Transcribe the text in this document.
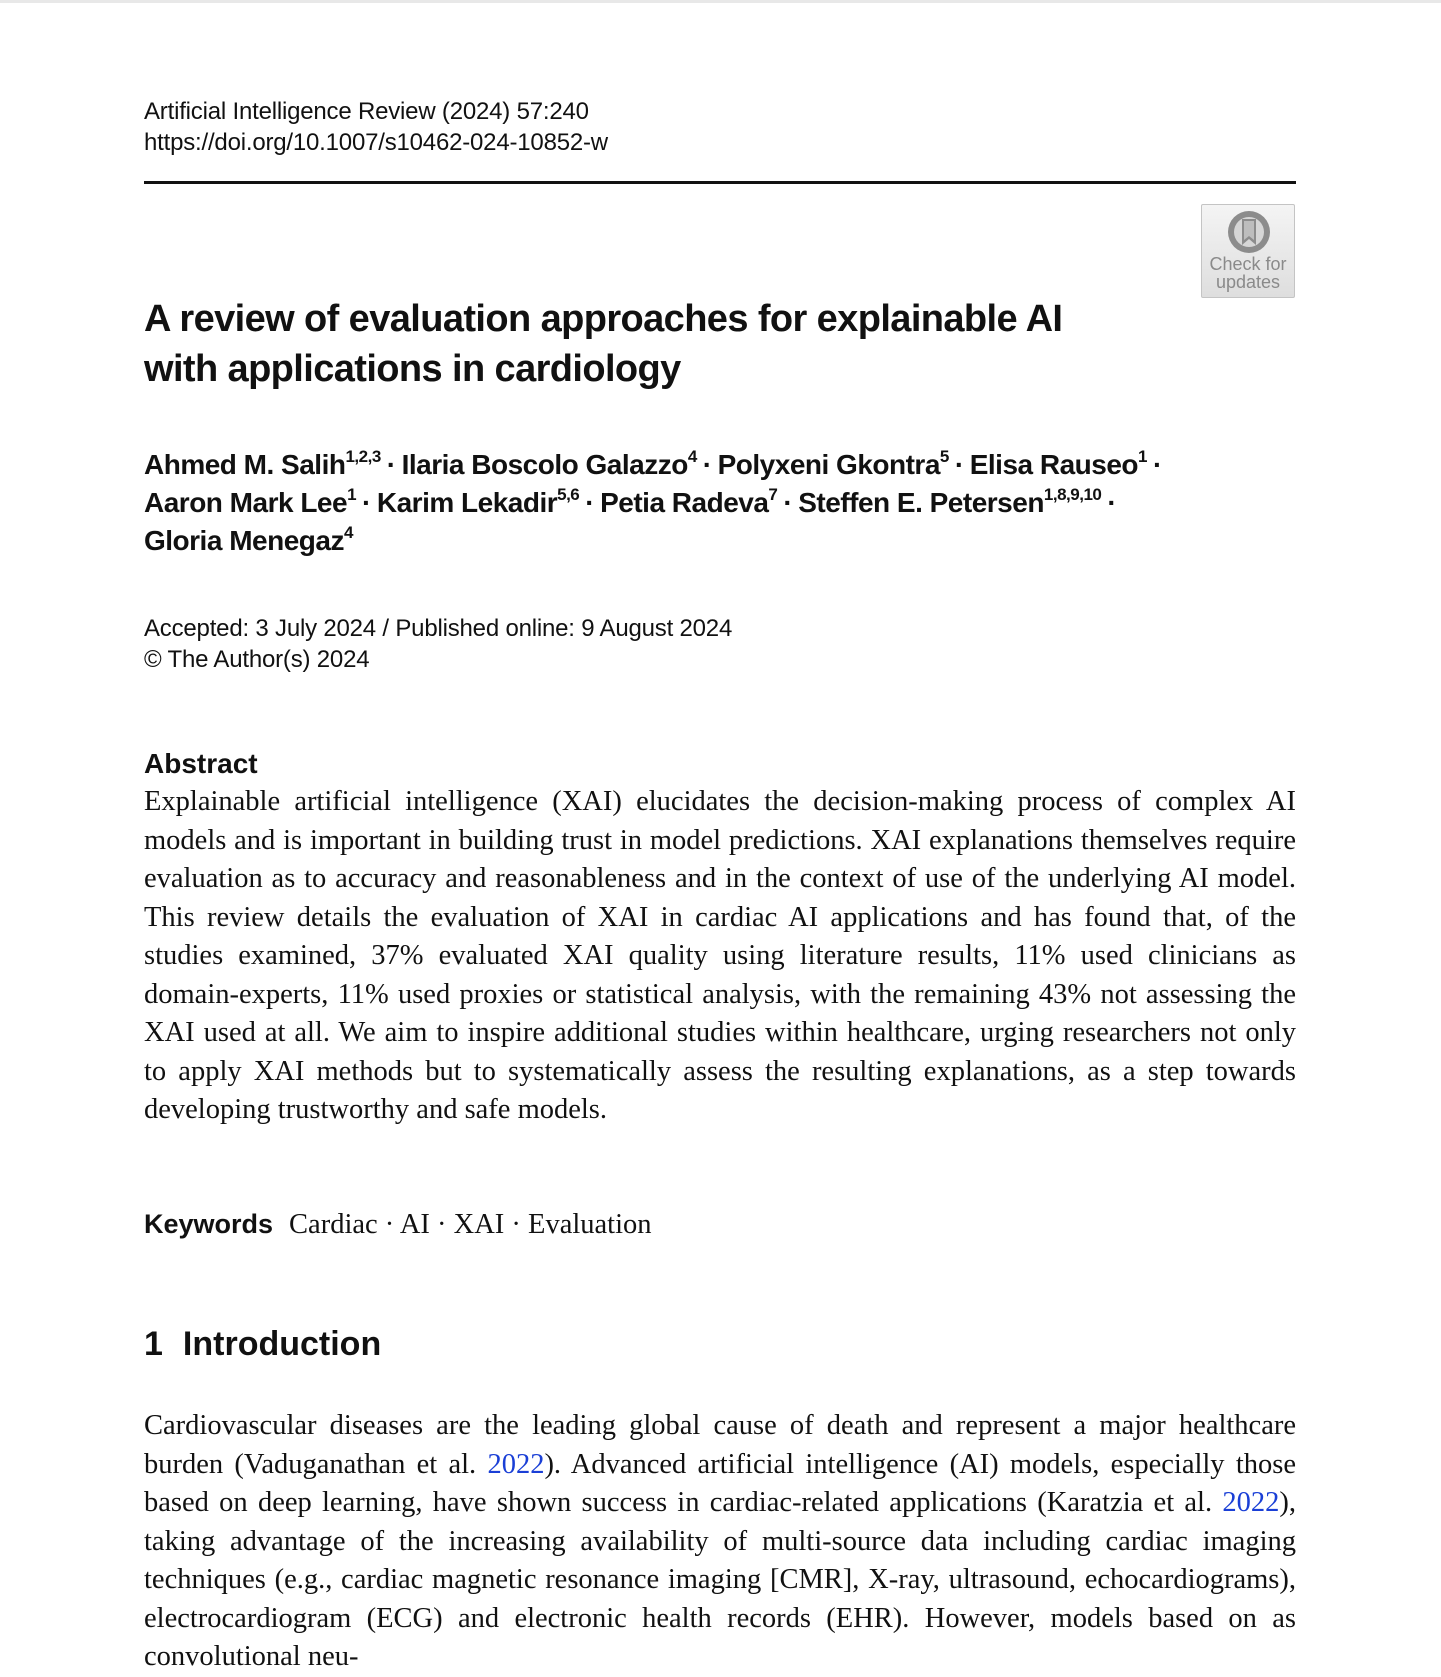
Artificial Intelligence Review (2024) 57:240
https://doi.org/10.1007/s10462-024-10852-w
Check for
updates
A review of evaluation approaches for explainable AI
with applications in cardiology
Ahmed M. Salih$^{1,2,3}$ · Ilaria Boscolo Galazzo$^4$ · Polyxeni Gkontra$^5$ · Elisa Rauseo$^1$ ·
Aaron Mark Lee$^1$ · Karim Lekadir$^{5,6}$ · Petia Radeva$^7$ · Steffen E. Petersen$^{1,8,9,10}$ ·
Gloria Menegaz$^4$
Accepted: 3 July 2024 / Published online: 9 August 2024
© The Author(s) 2024
Abstract
Explainable artificial intelligence (XAI) elucidates the decision-making process of complex AI models and is important in building trust in model predictions. XAI explanations themselves require evaluation as to accuracy and reasonableness and in the context of use of the underlying AI model. This review details the evaluation of XAI in cardiac AI applications and has found that, of the studies examined, 37% evaluated XAI quality using literature results, 11% used clinicians as domain-experts, 11% used proxies or statistical analysis, with the remaining 43% not assessing the XAI used at all. We aim to inspire additional studies within healthcare, urging researchers not only to apply XAI methods but to systematically assess the resulting explanations, as a step towards developing trustworthy and safe models.
Keywords Cardiac · AI · XAI · Evaluation
1 Introduction
Cardiovascular diseases are the leading global cause of death and represent a major healthcare burden (Vaduganathan et al. 2022). Advanced artificial intelligence (AI) models, especially those based on deep learning, have shown success in cardiac-related applications (Karatzia et al. 2022), taking advantage of the increasing availability of multi-source data including cardiac imaging techniques (e.g., cardiac magnetic resonance imaging [CMR], X-ray, ultrasound, echocardiograms), electrocardiogram (ECG) and electronic health records (EHR). However, models based on as convolutional neu-
